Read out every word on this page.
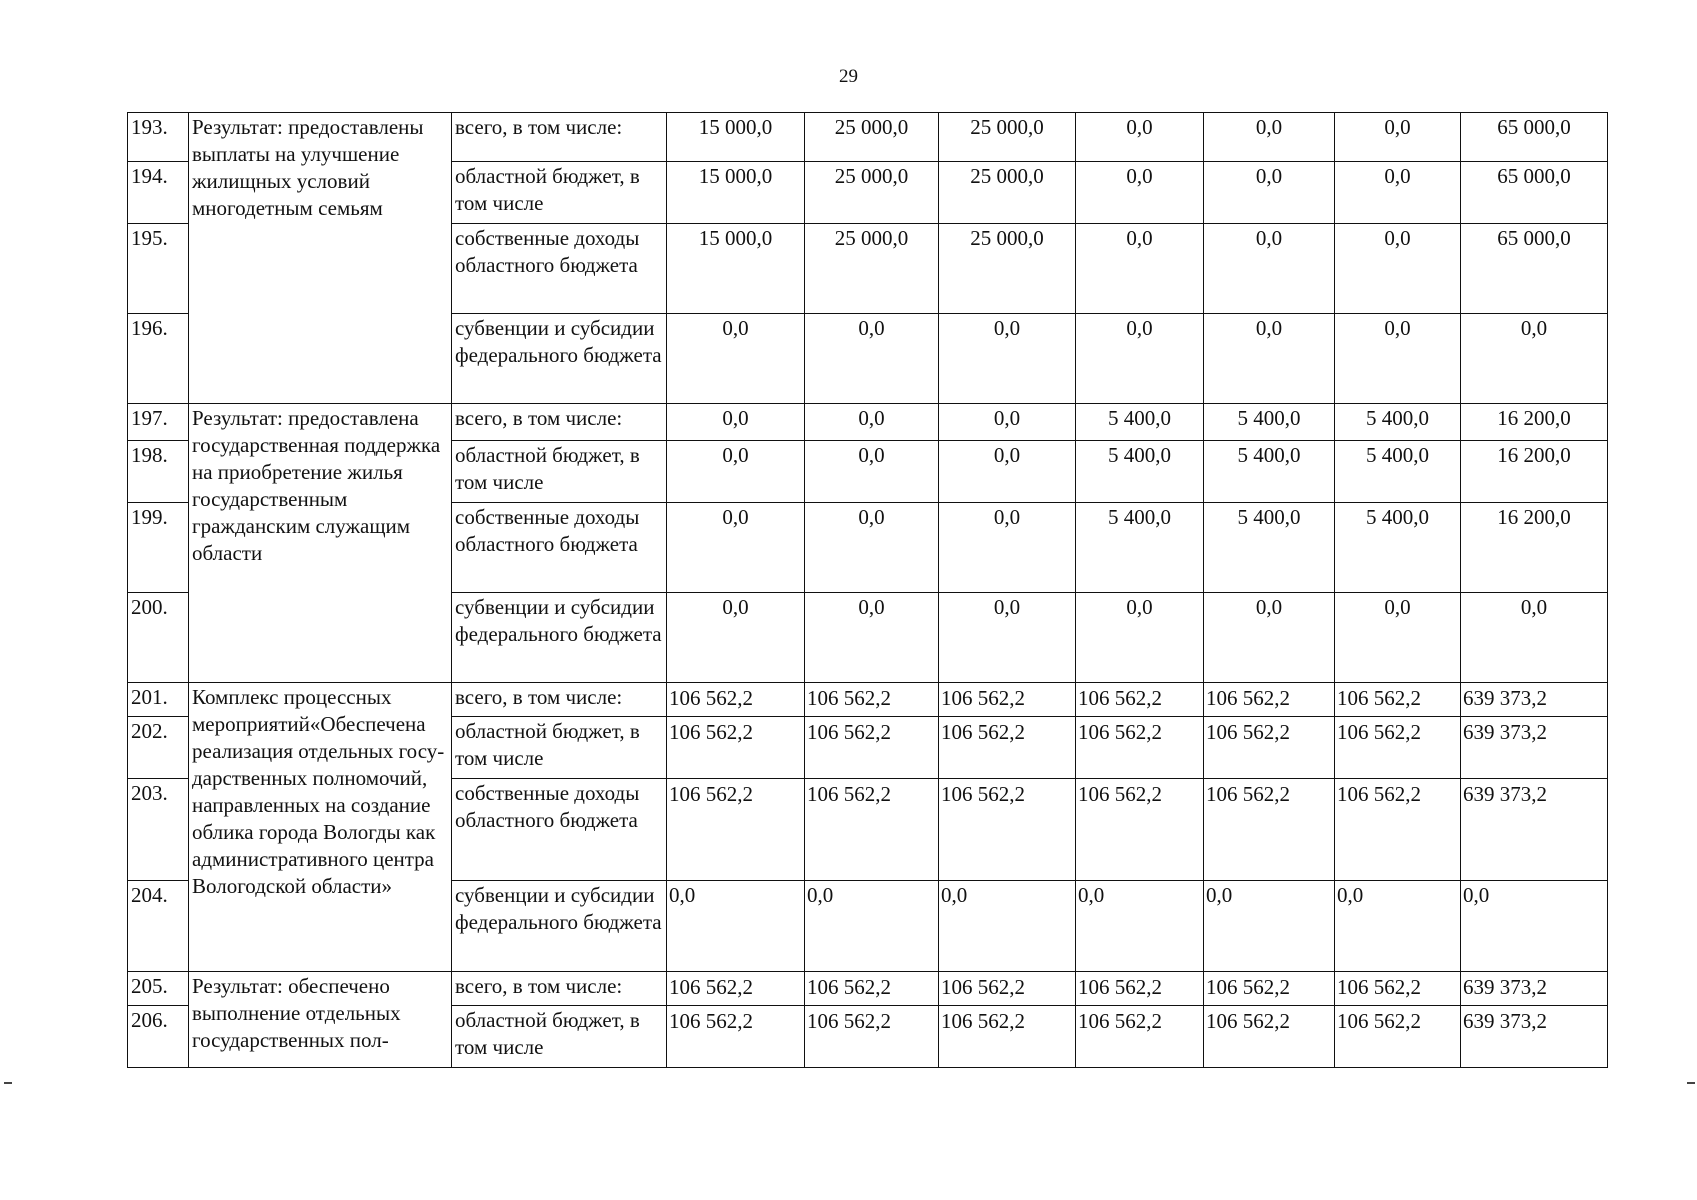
29
193.	Результат: предоставлены выплаты на улучшение жилищных условий многодетным семьям	всего, в том числе:	15 000,0	25 000,0	25 000,0	0,0	0,0	0,0	65 000,0
194.		областной бюджет, в том числе	15 000,0	25 000,0	25 000,0	0,0	0,0	0,0	65 000,0
195.		собственные доходы областного бюджета	15 000,0	25 000,0	25 000,0	0,0	0,0	0,0	65 000,0
196.		субвенции и субсидии федерального бюджета	0,0	0,0	0,0	0,0	0,0	0,0	0,0
197.	Результат: предоставлена государственная поддержка на приобретение жилья государственным гражданским служащим области	всего, в том числе:	0,0	0,0	0,0	5 400,0	5 400,0	5 400,0	16 200,0
198.		областной бюджет, в том числе	0,0	0,0	0,0	5 400,0	5 400,0	5 400,0	16 200,0
199.		собственные доходы областного бюджета	0,0	0,0	0,0	5 400,0	5 400,0	5 400,0	16 200,0
200.		субвенции и субсидии федерального бюджета	0,0	0,0	0,0	0,0	0,0	0,0	0,0
201.	Комплекс процессных мероприятий«Обеспечена реализация отдельных государственных полномочий, направленных на создание облика города Вологды как административного центра Вологодской области»	всего, в том числе:	106 562,2	106 562,2	106 562,2	106 562,2	106 562,2	106 562,2	639 373,2
202.		областной бюджет, в том числе	106 562,2	106 562,2	106 562,2	106 562,2	106 562,2	106 562,2	639 373,2
203.		собственные доходы областного бюджета	106 562,2	106 562,2	106 562,2	106 562,2	106 562,2	106 562,2	639 373,2
204.		субвенции и субсидии федерального бюджета	0,0	0,0	0,0	0,0	0,0	0,0	0,0
205.	Результат: обеспечено выполнение отдельных государственных пол-	всего, в том числе:	106 562,2	106 562,2	106 562,2	106 562,2	106 562,2	106 562,2	639 373,2
206.		областной бюджет, в том числе	106 562,2	106 562,2	106 562,2	106 562,2	106 562,2	106 562,2	639 373,2
